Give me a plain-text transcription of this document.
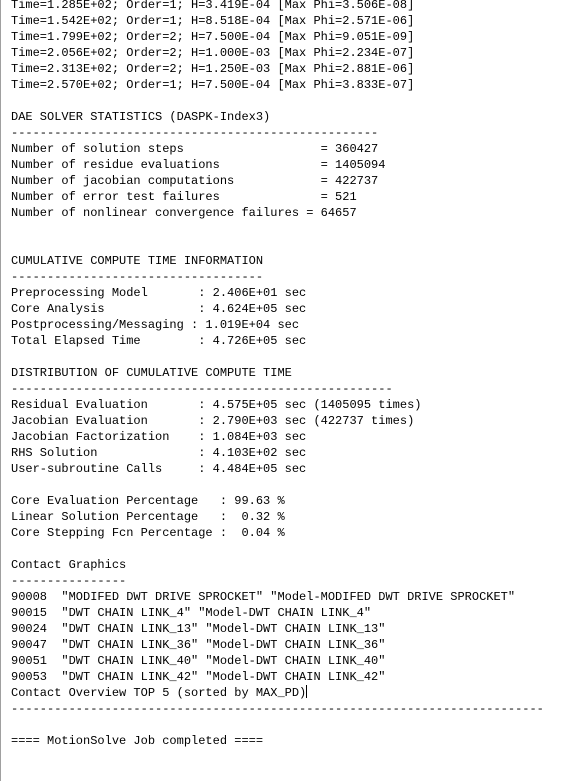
Time=1.285E+02; Order=1; H=3.419E-04 [Max Phi=3.506E-08]
Time=1.542E+02; Order=1; H=8.518E-04 [Max Phi=2.571E-06]
Time=1.799E+02; Order=2; H=7.500E-04 [Max Phi=9.051E-09]
Time=2.056E+02; Order=2; H=1.000E-03 [Max Phi=2.234E-07]
Time=2.313E+02; Order=2; H=1.250E-03 [Max Phi=2.881E-06]
Time=2.570E+02; Order=1; H=7.500E-04 [Max Phi=3.833E-07]
DAE SOLVER STATISTICS (DASPK-Index3)
---------------------------------------------------
Number of solution steps                   = 360427
Number of residue evaluations              = 1405094
Number of jacobian computations            = 422737
Number of error test failures              = 521
Number of nonlinear convergence failures = 64657
CUMULATIVE COMPUTE TIME INFORMATION
-----------------------------------
Preprocessing Model       : 2.406E+01 sec
Core Analysis             : 4.624E+05 sec
Postprocessing/Messaging : 1.019E+04 sec
Total Elapsed Time        : 4.726E+05 sec
DISTRIBUTION OF CUMULATIVE COMPUTE TIME
-----------------------------------------------------
Residual Evaluation       : 4.575E+05 sec (1405095 times)
Jacobian Evaluation       : 2.790E+03 sec (422737 times)
Jacobian Factorization    : 1.084E+03 sec
RHS Solution              : 4.103E+02 sec
User-subroutine Calls     : 4.484E+05 sec
Core Evaluation Percentage   : 99.63 %
Linear Solution Percentage   :  0.32 %
Core Stepping Fcn Percentage :  0.04 %
Contact Graphics
----------------
90008  "MODIFED DWT DRIVE SPROCKET" "Model-MODIFED DWT DRIVE SPROCKET"
90015  "DWT CHAIN LINK_4" "Model-DWT CHAIN LINK_4"
90024  "DWT CHAIN LINK_13" "Model-DWT CHAIN LINK_13"
90047  "DWT CHAIN LINK_36" "Model-DWT CHAIN LINK_36"
90051  "DWT CHAIN LINK_40" "Model-DWT CHAIN LINK_40"
90053  "DWT CHAIN LINK_42" "Model-DWT CHAIN LINK_42"
Contact Overview TOP 5 (sorted by MAX_PD)
--------------------------------------------------------------------------
==== MotionSolve Job completed ====
